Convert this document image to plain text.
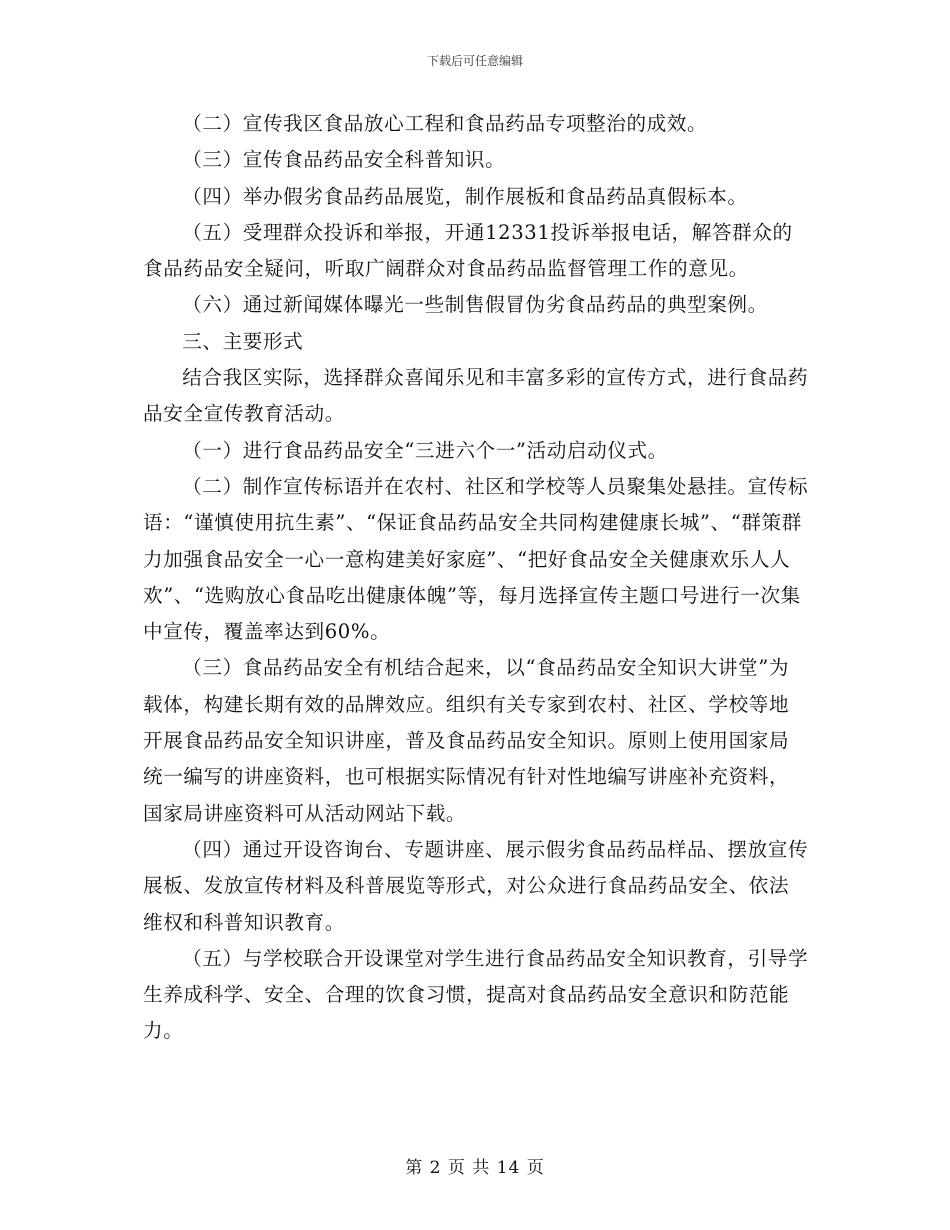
下载后可任意编辑

（二）宣传我区食品放心工程和食品药品专项整治的成效。

（三）宣传食品药品安全科普知识。

（四）举办假劣食品药品展览，制作展板和食品药品真假标本。

（五）受理群众投诉和举报，开通12331投诉举报电话，解答群众的食品药品安全疑问，听取广阔群众对食品药品监督管理工作的意见。

（六）通过新闻媒体曝光一些制售假冒伪劣食品药品的典型案例。

三、主要形式

结合我区实际，选择群众喜闻乐见和丰富多彩的宣传方式，进行食品药品安全宣传教育活动。

（一）进行食品药品安全“三进六个一”活动启动仪式。

（二）制作宣传标语并在农村、社区和学校等人员聚集处悬挂。宣传标语：“谨慎使用抗生素”、“保证食品药品安全共同构建健康长城”、“群策群力加强食品安全一心一意构建美好家庭”、“把好食品安全关健康欢乐人人欢”、“选购放心食品吃出健康体魄”等，每月选择宣传主题口号进行一次集中宣传，覆盖率达到60%。

（三）食品药品安全有机结合起来，以“食品药品安全知识大讲堂”为载体，构建长期有效的品牌效应。组织有关专家到农村、社区、学校等地开展食品药品安全知识讲座，普及食品药品安全知识。原则上使用国家局统一编写的讲座资料，也可根据实际情况有针对性地编写讲座补充资料，国家局讲座资料可从活动网站下载。

（四）通过开设咨询台、专题讲座、展示假劣食品药品样品、摆放宣传展板、发放宣传材料及科普展览等形式，对公众进行食品药品安全、依法维权和科普知识教育。

（五）与学校联合开设课堂对学生进行食品药品安全知识教育，引导学生养成科学、安全、合理的饮食习惯，提高对食品药品安全意识和防范能力。

第 2 页 共 14 页
